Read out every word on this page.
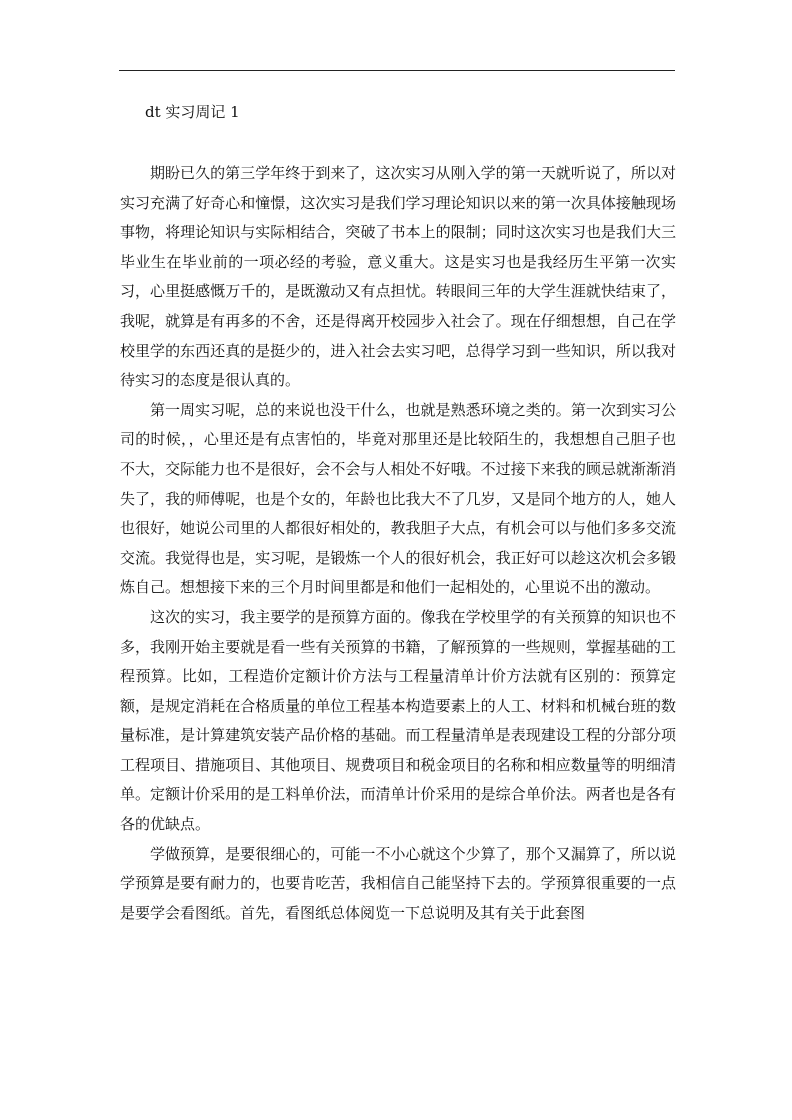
dt 实习周记 1

期盼已久的第三学年终于到来了，这次实习从刚入学的第一天就听说了，所以对实习充满了好奇心和憧憬，这次实习是我们学习理论知识以来的第一次具体接触现场事物，将理论知识与实际相结合，突破了书本上的限制；同时这次实习也是我们大三毕业生在毕业前的一项必经的考验，意义重大。这是实习也是我经历生平第一次实习，心里挺感慨万千的，是既激动又有点担忧。转眼间三年的大学生涯就快结束了，我呢，就算是有再多的不舍，还是得离开校园步入社会了。现在仔细想想，自己在学校里学的东西还真的是挺少的，进入社会去实习吧，总得学习到一些知识，所以我对待实习的态度是很认真的。

第一周实习呢，总的来说也没干什么，也就是熟悉环境之类的。第一次到实习公司的时候，，心里还是有点害怕的，毕竟对那里还是比较陌生的，我想想自己胆子也不大，交际能力也不是很好，会不会与人相处不好哦。不过接下来我的顾忌就渐渐消失了，我的师傅呢，也是个女的，年龄也比我大不了几岁，又是同个地方的人，她人也很好，她说公司里的人都很好相处的，教我胆子大点，有机会可以与他们多多交流交流。我觉得也是，实习呢，是锻炼一个人的很好机会，我正好可以趁这次机会多锻炼自己。想想接下来的三个月时间里都是和他们一起相处的，心里说不出的激动。

这次的实习，我主要学的是预算方面的。像我在学校里学的有关预算的知识也不多，我刚开始主要就是看一些有关预算的书籍，了解预算的一些规则，掌握基础的工程预算。比如，工程造价定额计价方法与工程量清单计价方法就有区别的：预算定额，是规定消耗在合格质量的单位工程基本构造要素上的人工、材料和机械台班的数量标准，是计算建筑安装产品价格的基础。而工程量清单是表现建设工程的分部分项工程项目、措施项目、其他项目、规费项目和税金项目的名称和相应数量等的明细清单。定额计价采用的是工料单价法，而清单计价采用的是综合单价法。两者也是各有各的优缺点。

学做预算，是要很细心的，可能一不小心就这个少算了，那个又漏算了，所以说学预算是要有耐力的，也要肯吃苦，我相信自己能坚持下去的。学预算很重要的一点是要学会看图纸。首先，看图纸总体阅览一下总说明及其有关于此套图
